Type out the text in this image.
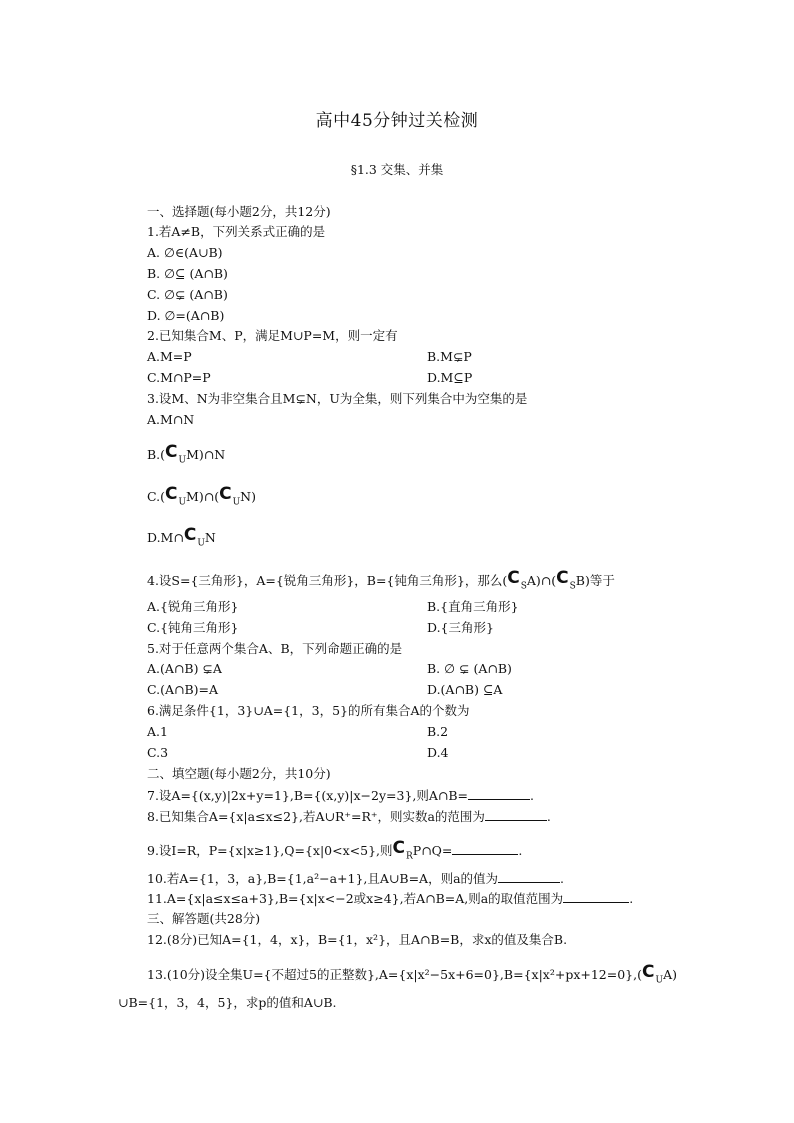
高中45分钟过关检测
§1.3 交集、并集
一、选择题(每小题2分，共12分)
1.若A≠B，下列关系式正确的是
A. ∅∈(A∪B)
B. ∅⊆ (A∩B)
C. ∅⊊ (A∩B)
D. ∅=(A∩B)
2.已知集合M、P，满足M∪P=M，则一定有
A.M=P	B.M⊊P
C.M∩P=P	D.M⊆P
3.设M、N为非空集合且M⊊N，U为全集，则下列集合中为空集的是
A.M∩N
$B.(C_UM)\cap N$
$C.(C_UM)\cap(C_UN)$
$D.M\cap C_UN$
4.设S={三角形}，A={锐角三角形}，B={钝角三角形}，那么$(C_SA)\cap(C_SB)$等于
A.{锐角三角形}	B.{直角三角形}
C.{钝角三角形}	D.{三角形}
5.对于任意两个集合A、B，下列命题正确的是
A.(A∩B) ⊊A	B. ∅ ⊊ (A∩B)
C.(A∩B)=A	D.(A∩B) ⊆A
6.满足条件{1，3}∪A={1，3，5}的所有集合A的个数为
A.1	B.2
C.3	D.4
二、填空题(每小题2分，共10分)
7.设A={(x,y)|2x+y=1},B={(x,y)|x−2y=3},则A∩B=	.
8.已知集合A={x|a≤x≤2},若A∪R⁺=R⁺，则实数a的范围为	.
9.设I=R，P={x|x≥1},Q={x|0<x<5},则$C_RP\cap Q=$	.
10.若A={1，3，a},B={1,a²−a+1},且A∪B=A，则a的值为	.
11.A={x|a≤x≤a+3},B={x|x<−2或x≥4},若A∩B=A,则a的取值范围为	.
三、解答题(共28分)
12.(8分)已知A={1，4，x}，B={1，x²}，且A∩B=B，求x的值及集合B.
13.(10分)设全集U={不超过5的正整数}$,A=\{x|x^2-5x+6=0\},B=\{x|x^2+px+12=0\},(C_UA)$
∪B={1，3，4，5}，求p的值和A∪B.
